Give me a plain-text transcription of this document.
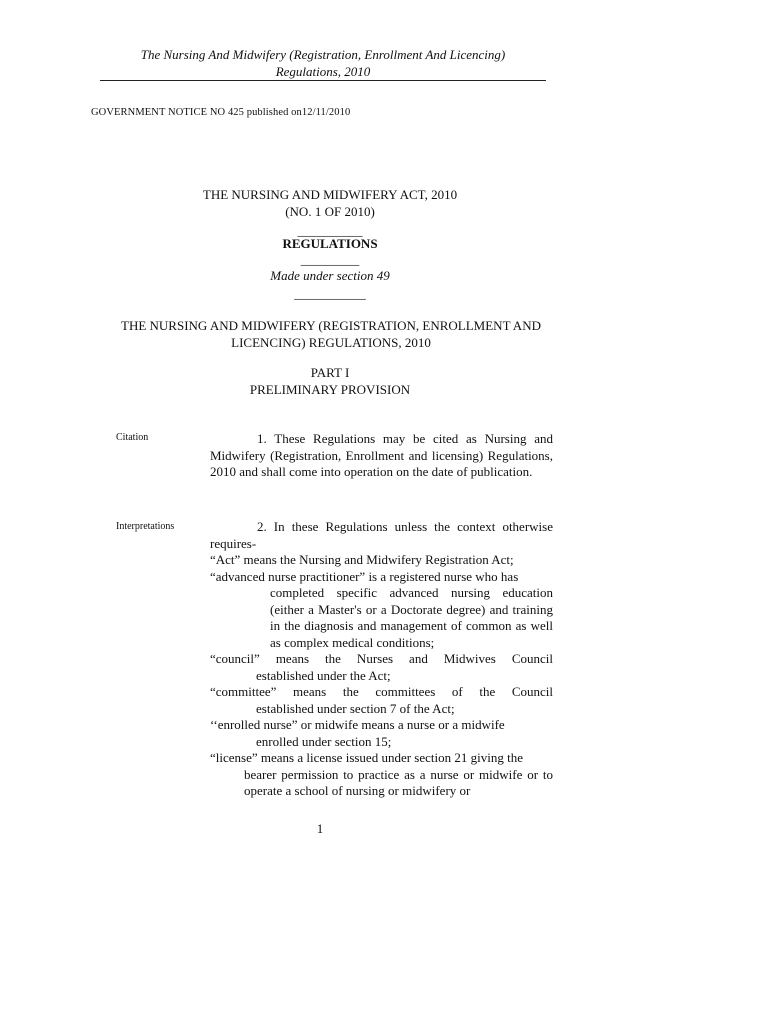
The Nursing And Midwifery (Registration, Enrollment And Licencing)
Regulations, 2010
GOVERNMENT NOTICE NO 425 published on12/11/2010
THE NURSING AND MIDWIFERY ACT, 2010
(NO. 1 OF 2010)
__________
REGULATIONS
_________
Made under section 49
___________
THE NURSING AND MIDWIFERY (REGISTRATION, ENROLLMENT AND LICENCING) REGULATIONS, 2010
PART I
PRELIMINARY PROVISION
Citation	1. These Regulations may be cited as Nursing and Midwifery (Registration, Enrollment and licensing) Regulations, 2010 and shall come into operation on the date of publication.
Interpretations	2. In these Regulations unless the context otherwise requires-
“Act” means the Nursing and Midwifery Registration Act;
“advanced nurse practitioner” is a registered nurse who has
completed specific advanced nursing education (either a Master's or a Doctorate degree) and training in the diagnosis and management of common as well as complex medical conditions;
“council” means the Nurses and Midwives Council
established under the Act;
“committee” means the committees of the Council
established under section 7 of the Act;
‘‘enrolled nurse” or midwife means a nurse or a midwife
enrolled under section 15;
“license” means a license issued under section 21 giving the
bearer permission to practice as a nurse or midwife or to operate a school of nursing or midwifery or
1
